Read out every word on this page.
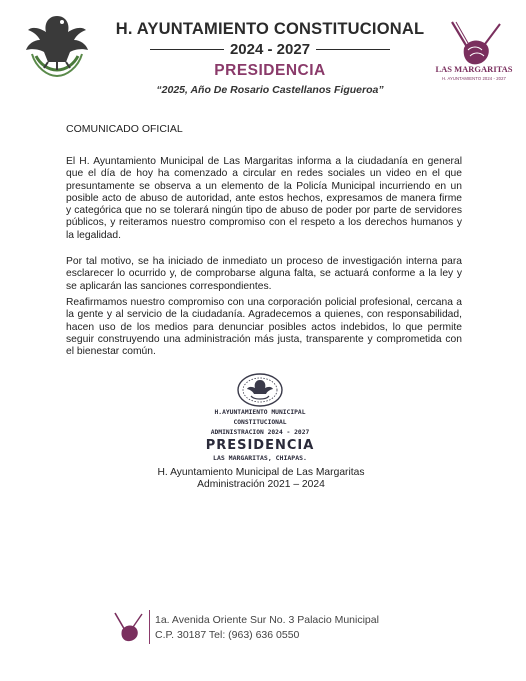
H. AYUNTAMIENTO CONSTITUCIONAL
2024 - 2027
PRESIDENCIA
“2025, Año De Rosario Castellanos Figueroa”
LAS MARGARITAS
H. AYUNTAMIENTO 2024 - 2027
COMUNICADO OFICIAL
El H. Ayuntamiento Municipal de Las Margaritas informa a la ciudadanía en general que el día de hoy ha comenzado a circular en redes sociales un video en el que presuntamente se observa a un elemento de la Policía Municipal incurriendo en un posible acto de abuso de autoridad, ante estos hechos, expresamos de manera firme y categórica que no se tolerará ningún tipo de abuso de poder por parte de servidores públicos, y reiteramos nuestro compromiso con el respeto a los derechos humanos y la legalidad.
Por tal motivo, se ha iniciado de inmediato un proceso de investigación interna para esclarecer lo ocurrido y, de comprobarse alguna falta, se actuará conforme a la ley y se aplicarán las sanciones correspondientes.
Reafirmamos nuestro compromiso con una corporación policial profesional, cercana a la gente y al servicio de la ciudadanía. Agradecemos a quienes, con responsabilidad, hacen uso de los medios para denunciar posibles actos indebidos, lo que permite seguir construyendo una administración más justa, transparente y comprometida con el bienestar común.
H.AYUNTAMIENTO MUNICIPAL
CONSTITUCIONAL
ADMINISTRACION 2024 - 2027
PRESIDENCIA
LAS MARGARITAS, CHIAPAS.
H. Ayuntamiento Municipal de Las Margaritas
Administración 2021 – 2024
1a. Avenida Oriente Sur No. 3 Palacio Municipal
C.P. 30187 Tel: (963) 636 0550
